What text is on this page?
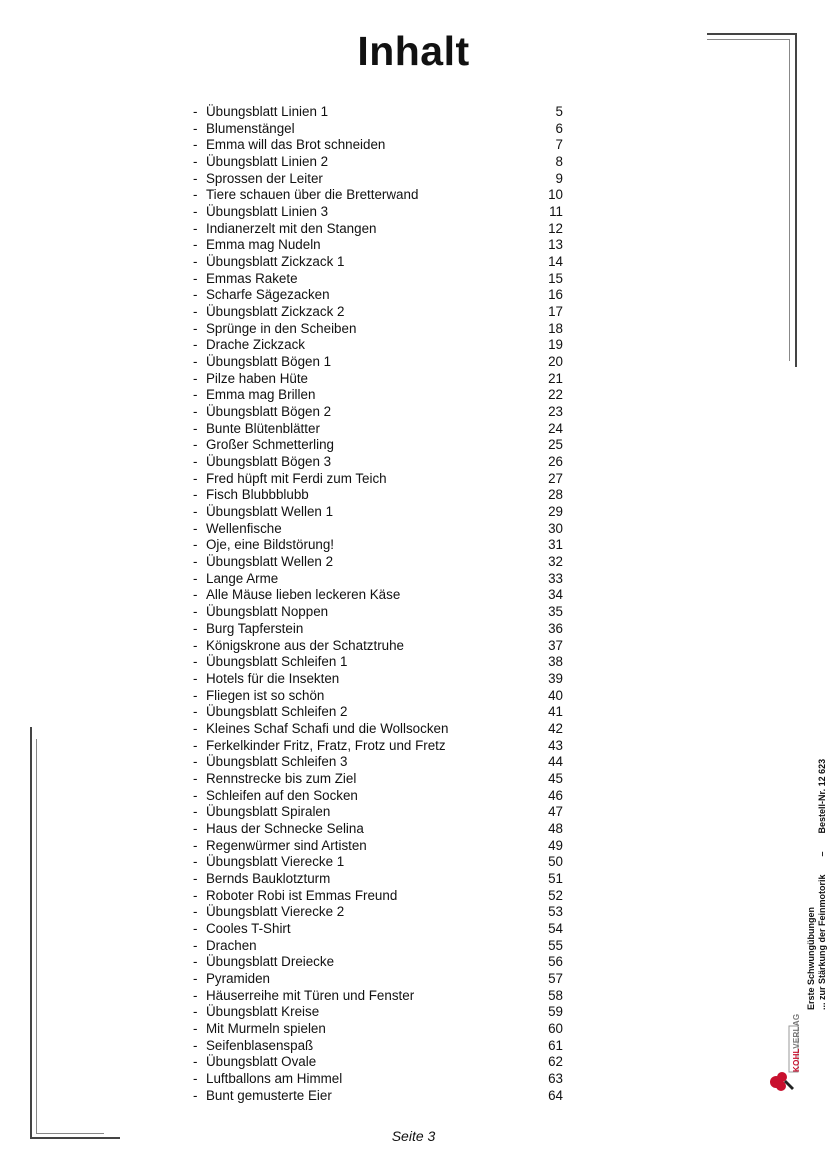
Inhalt
- Übungsblatt Linien 1	5
- Blumenstängel	6
- Emma will das Brot schneiden	7
- Übungsblatt Linien 2	8
- Sprossen der Leiter	9
- Tiere schauen über die Bretterwand	10
- Übungsblatt Linien 3	11
- Indianerzelt mit den Stangen	12
- Emma mag Nudeln	13
- Übungsblatt Zickzack 1	14
- Emmas Rakete	15
- Scharfe Sägezacken	16
- Übungsblatt Zickzack 2	17
- Sprünge in den Scheiben	18
- Drache Zickzack	19
- Übungsblatt Bögen 1	20
- Pilze haben Hüte	21
- Emma mag Brillen	22
- Übungsblatt Bögen 2	23
- Bunte Blütenblätter	24
- Großer Schmetterling	25
- Übungsblatt Bögen 3	26
- Fred hüpft mit Ferdi zum Teich	27
- Fisch Blubbblubb	28
- Übungsblatt Wellen 1	29
- Wellenfische	30
- Oje, eine Bildstörung!	31
- Übungsblatt Wellen 2	32
- Lange Arme	33
- Alle Mäuse lieben leckeren Käse	34
- Übungsblatt Noppen	35
- Burg Tapferstein	36
- Königskrone aus der Schatztruhe	37
- Übungsblatt Schleifen 1	38
- Hotels für die Insekten	39
- Fliegen ist so schön	40
- Übungsblatt Schleifen 2	41
- Kleines Schaf Schafi und die Wollsocken	42
- Ferkelkinder Fritz, Fratz, Frotz und Fretz	43
- Übungsblatt Schleifen 3	44
- Rennstrecke bis zum Ziel	45
- Schleifen auf den Socken	46
- Übungsblatt Spiralen	47
- Haus der Schnecke Selina	48
- Regenwürmer sind Artisten	49
- Übungsblatt Vierecke 1	50
- Bernds Bauklotzturm	51
- Roboter Robi ist Emmas Freund	52
- Übungsblatt Vierecke 2	53
- Cooles T-Shirt	54
- Drachen	55
- Übungsblatt Dreiecke	56
- Pyramiden	57
- Häuserreihe mit Türen und Fenster	58
- Übungsblatt Kreise	59
- Mit Murmeln spielen	60
- Seifenblasenspaß	61
- Übungsblatt Ovale	62
- Luftballons am Himmel	63
- Bunt gemusterte Eier	64
Seite 3
Erste Schwungübungen ... zur Stärkung der Feinmotorik
–
Bestell-Nr. 12 623
KOHLVERLAG
